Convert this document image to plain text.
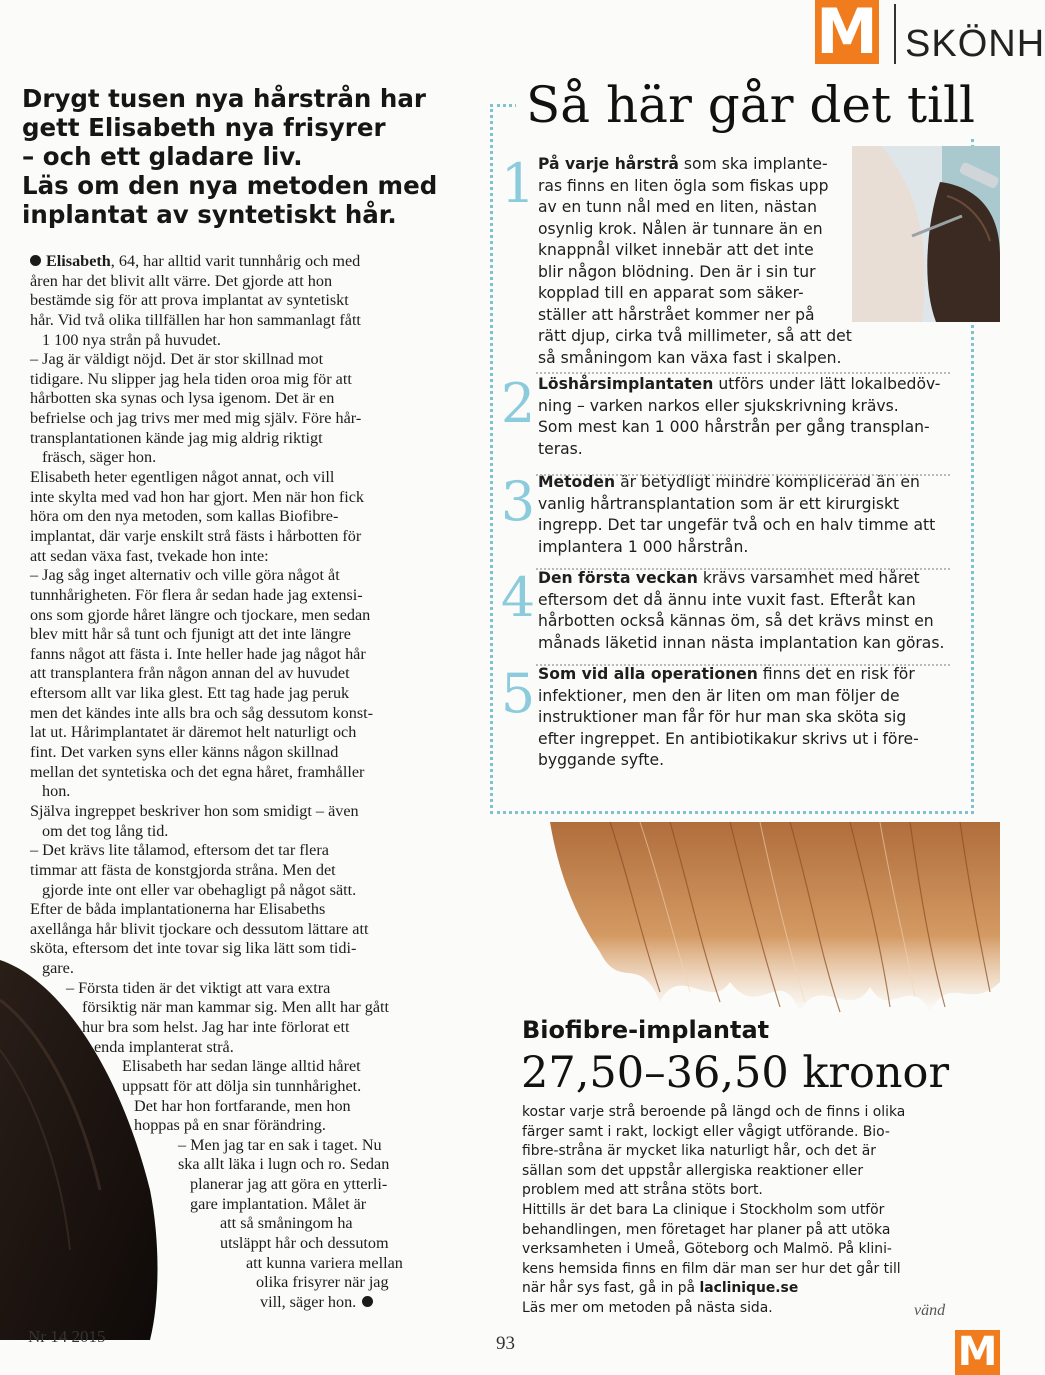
M SKÖNH
Drygt tusen nya hårstrån har
gett Elisabeth nya frisyrer
– och ett gladare liv.
Läs om den nya metoden med
inplantat av syntetiskt hår.
Elisabeth, 64, har alltid varit tunnhårig och med
åren har det blivit allt värre. Det gjorde att hon
bestämde sig för att prova implantat av syntetiskt
hår. Vid två olika tillfällen har hon sammanlagt fått
1 100 nya strån på huvudet.
– Jag är väldigt nöjd. Det är stor skillnad mot
tidigare. Nu slipper jag hela tiden oroa mig för att
hårbotten ska synas och lysa igenom. Det är en
befrielse och jag trivs mer med mig själv. Före hår-
transplantationen kände jag mig aldrig riktigt
fräsch, säger hon.
Elisabeth heter egentligen något annat, och vill
inte skylta med vad hon har gjort. Men när hon fick
höra om den nya metoden, som kallas Biofibre-
implantat, där varje enskilt strå fästs i hårbotten för
att sedan växa fast, tvekade hon inte:
– Jag såg inget alternativ och ville göra något åt
tunnhårigheten. För flera år sedan hade jag extensi-
ons som gjorde håret längre och tjockare, men sedan
blev mitt hår så tunt och fjunigt att det inte längre
fanns något att fästa i. Inte heller hade jag något hår
att transplantera från någon annan del av huvudet
eftersom allt var lika glest. Ett tag hade jag peruk
men det kändes inte alls bra och såg dessutom konst-
lat ut. Hårimplantatet är däremot helt naturligt och
fint. Det varken syns eller känns någon skillnad
mellan det syntetiska och det egna håret, framhåller
hon.
Själva ingreppet beskriver hon som smidigt – även
om det tog lång tid.
– Det krävs lite tålamod, eftersom det tar flera
timmar att fästa de konstgjorda stråna. Men det
gjorde inte ont eller var obehagligt på något sätt.
Efter de båda implantationerna har Elisabeths
axellånga hår blivit tjockare och dessutom lättare att
sköta, eftersom det inte tovar sig lika lätt som tidi-
gare.
– Första tiden är det viktigt att vara extra
försiktig när man kammar sig. Men allt har gått
hur bra som helst. Jag har inte förlorat ett
enda implanterat strå.
Elisabeth har sedan länge alltid håret
uppsatt för att dölja sin tunnhårighet.
Det har hon fortfarande, men hon
hoppas på en snar förändring.
– Men jag tar en sak i taget. Nu
ska allt läka i lugn och ro. Sedan
planerar jag att göra en ytterli-
gare implantation. Målet är
att så småningom ha
utsläppt hår och dessutom
att kunna variera mellan
olika frisyrer när jag
vill, säger hon.
Så här går det till
1 På varje hårstrå som ska implante-
ras finns en liten ögla som fiskas upp
av en tunn nål med en liten, nästan
osynlig krok. Nålen är tunnare än en
knappnål vilket innebär att det inte
blir någon blödning. Den är i sin tur
kopplad till en apparat som säker-
ställer att hårstrået kommer ner på
rätt djup, cirka två millimeter, så att det
så småningom kan växa fast i skalpen.
2 Löshårsimplantaten utförs under lätt lokalbedöv-
ning – varken narkos eller sjukskrivning krävs.
Som mest kan 1 000 hårstrån per gång transplan-
teras.
3 Metoden är betydligt mindre komplicerad än en
vanlig hårtransplantation som är ett kirurgiskt
ingrepp. Det tar ungefär två och en halv timme att
implantera 1 000 hårstrån.
4 Den första veckan krävs varsamhet med håret
eftersom det då ännu inte vuxit fast. Efteråt kan
hårbotten också kännas öm, så det krävs minst en
månads läketid innan nästa implantation kan göras.
5 Som vid alla operationen finns det en risk för
infektioner, men den är liten om man följer de
instruktioner man får för hur man ska sköta sig
efter ingreppet. En antibiotikakur skrivs ut i före-
byggande syfte.
Biofibre-implantat
27,50–36,50 kronor
kostar varje strå beroende på längd och de finns i olika
färger samt i rakt, lockigt eller vågigt utförande. Bio-
fibre-stråna är mycket lika naturligt hår, och det är
sällan som det uppstår allergiska reaktioner eller
problem med att stråna stöts bort.
Hittills är det bara La clinique i Stockholm som utför
behandlingen, men företaget har planer på att utöka
verksamheten i Umeå, Göteborg och Malmö. På klini-
kens hemsida finns en film där man ser hur det går till
när hår sys fast, gå in på laclinique.se
Läs mer om metoden på nästa sida.
Nr 14 2015	93
vänd
M
